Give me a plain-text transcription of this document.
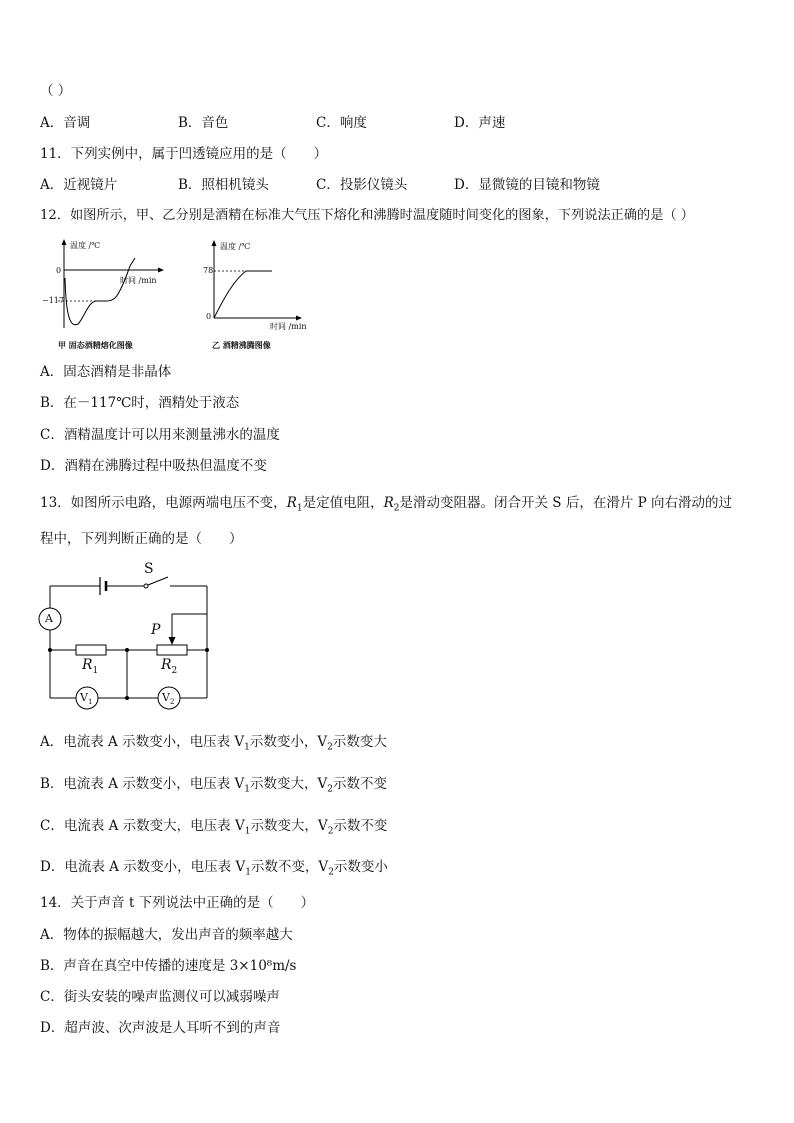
（ ）
A．音调	B．音色	C．响度	D．声速
11．下列实例中，属于凹透镜应用的是（　　）
A．近视镜片	B．照相机镜头	C．投影仪镜头	D．显微镜的目镜和物镜
12．如图所示，甲、乙分别是酒精在标准大气压下熔化和沸腾时温度随时间变化的图象，下列说法正确的是（ ）
温度 /℃
时间 /min
0
−117
甲 固态酒精熔化图像
温度 /℃
78
0
时间 /min
乙 酒精沸腾图像
A．固态酒精是非晶体
B．在－117℃时，酒精处于液态
C．酒精温度计可以用来测量沸水的温度
D．酒精在沸腾过程中吸热但温度不变
13．如图所示电路，电源两端电压不变，$R_1$是定值电阻，$R_2$是滑动变阻器。闭合开关 S 后，在滑片 P 向右滑动的过
程中，下列判断正确的是（　　）
S
A
P
$R_1$	$R_2$
$V_1$	$V_2$
A．电流表 A 示数变小，电压表 $V_1$示数变小，$V_2$示数变大
B．电流表 A 示数变小，电压表 $V_1$示数变大，$V_2$示数不变
C．电流表 A 示数变大，电压表 $V_1$示数变大，$V_2$示数不变
D．电流表 A 示数变小，电压表 $V_1$示数不变，$V_2$示数变小
14．关于声音 t 下列说法中正确的是（　　）
A．物体的振幅越大，发出声音的频率越大
B．声音在真空中传播的速度是 3×10⁸m/s
C．街头安装的噪声监测仪可以减弱噪声
D．超声波、次声波是人耳听不到的声音
